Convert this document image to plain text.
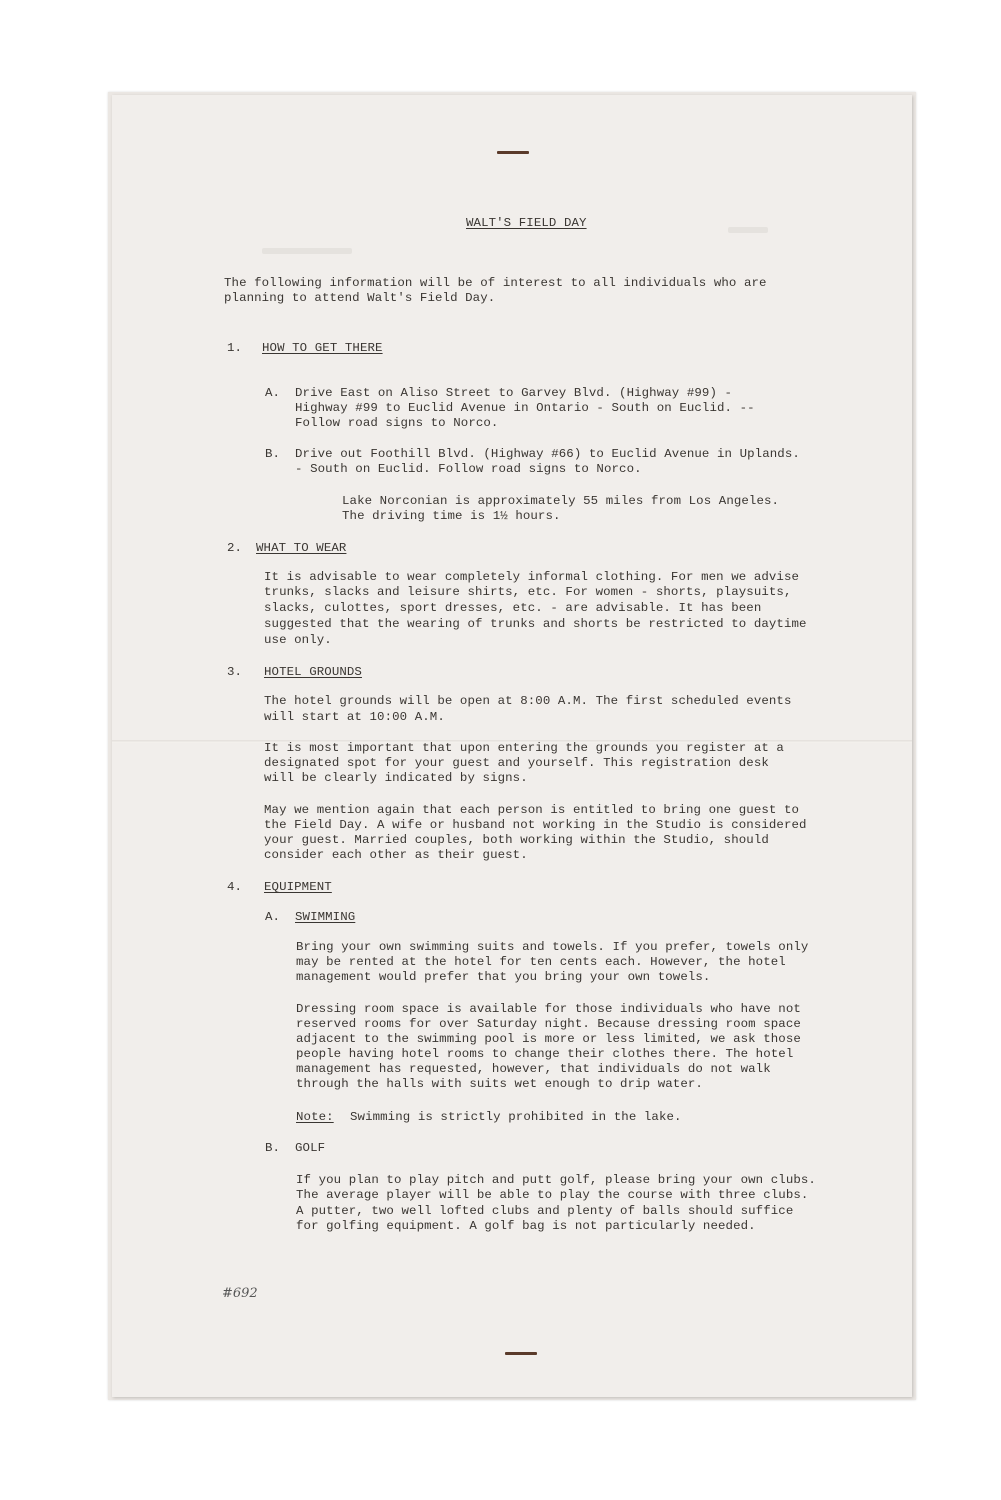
WALT'S FIELD DAY
The following information will be of interest to all individuals who are
planning to attend Walt's Field Day.
1. HOW TO GET THERE
A. Drive East on Aliso Street to Garvey Blvd. (Highway #99) -
Highway #99 to Euclid Avenue in Ontario - South on Euclid. --
Follow road signs to Norco.
B. Drive out Foothill Blvd. (Highway #66) to Euclid Avenue in Uplands.
- South on Euclid. Follow road signs to Norco.
Lake Norconian is approximately 55 miles from Los Angeles.
The driving time is 1½ hours.
2. WHAT TO WEAR
It is advisable to wear completely informal clothing. For men we advise
trunks, slacks and leisure shirts, etc. For women - shorts, playsuits,
slacks, culottes, sport dresses, etc. - are advisable. It has been
suggested that the wearing of trunks and shorts be restricted to daytime
use only.
3. HOTEL GROUNDS
The hotel grounds will be open at 8:00 A.M. The first scheduled events
will start at 10:00 A.M.
It is most important that upon entering the grounds you register at a
designated spot for your guest and yourself. This registration desk
will be clearly indicated by signs.
May we mention again that each person is entitled to bring one guest to
the Field Day. A wife or husband not working in the Studio is considered
your guest. Married couples, both working within the Studio, should
consider each other as their guest.
4. EQUIPMENT
A. SWIMMING
Bring your own swimming suits and towels. If you prefer, towels only
may be rented at the hotel for ten cents each. However, the hotel
management would prefer that you bring your own towels.
Dressing room space is available for those individuals who have not
reserved rooms for over Saturday night. Because dressing room space
adjacent to the swimming pool is more or less limited, we ask those
people having hotel rooms to change their clothes there. The hotel
management has requested, however, that individuals do not walk
through the halls with suits wet enough to drip water.
Note: Swimming is strictly prohibited in the lake.
B. GOLF
If you plan to play pitch and putt golf, please bring your own clubs.
The average player will be able to play the course with three clubs.
A putter, two well lofted clubs and plenty of balls should suffice
for golfing equipment. A golf bag is not particularly needed.
#692
